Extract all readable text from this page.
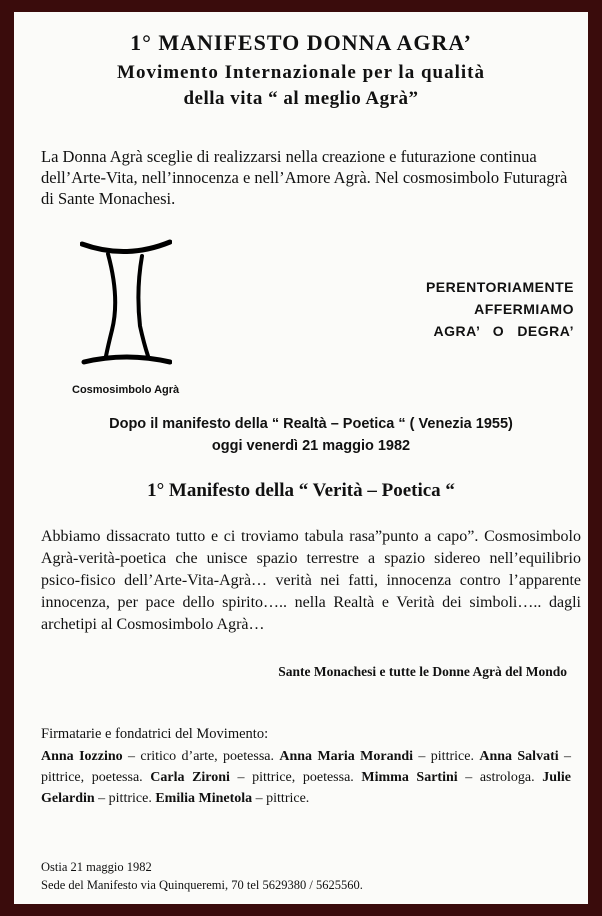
1° MANIFESTO DONNA AGRA’
Movimento Internazionale per la qualità
della vita “ al meglio Agrà”

La Donna Agrà sceglie di realizzarsi nella creazione e futurazione continua dell’Arte-Vita, nell’innocenza e nell’Amore Agrà. Nel cosmosimbolo Futuragrà di Sante Monachesi.

Cosmosimbolo Agrà
PERENTORIAMENTE
AFFERMIAMO
AGRA’   O   DEGRA’
Dopo il manifesto della “ Realtà – Poetica “ ( Venezia 1955)
oggi venerdì 21 maggio 1982
1° Manifesto della “ Verità – Poetica “

Abbiamo dissacrato tutto e ci troviamo tabula rasa”punto a capo”. Cosmosimbolo Agrà-verità-poetica che unisce spazio terrestre a spazio sidereo nell’equilibrio psico-fisico dell’Arte-Vita-Agrà… verità nei fatti, innocenza contro l’apparente innocenza, per pace dello spirito….. nella Realtà e Verità dei simboli….. dagli archetipi al Cosmosimbolo Agrà…

Sante Monachesi e tutte le Donne Agrà del Mondo
Firmatarie e fondatrici del Movimento:
Anna Iozzino – critico d’arte, poetessa. Anna Maria Morandi – pittrice. Anna Salvati – pittrice, poetessa. Carla Zironi – pittrice, poetessa. Mimma Sartini – astrologa. Julie Gelardin – pittrice. Emilia Minetola – pittrice.
Ostia 21 maggio 1982
Sede del Manifesto via Quinqueremi, 70 tel 5629380 / 5625560.
